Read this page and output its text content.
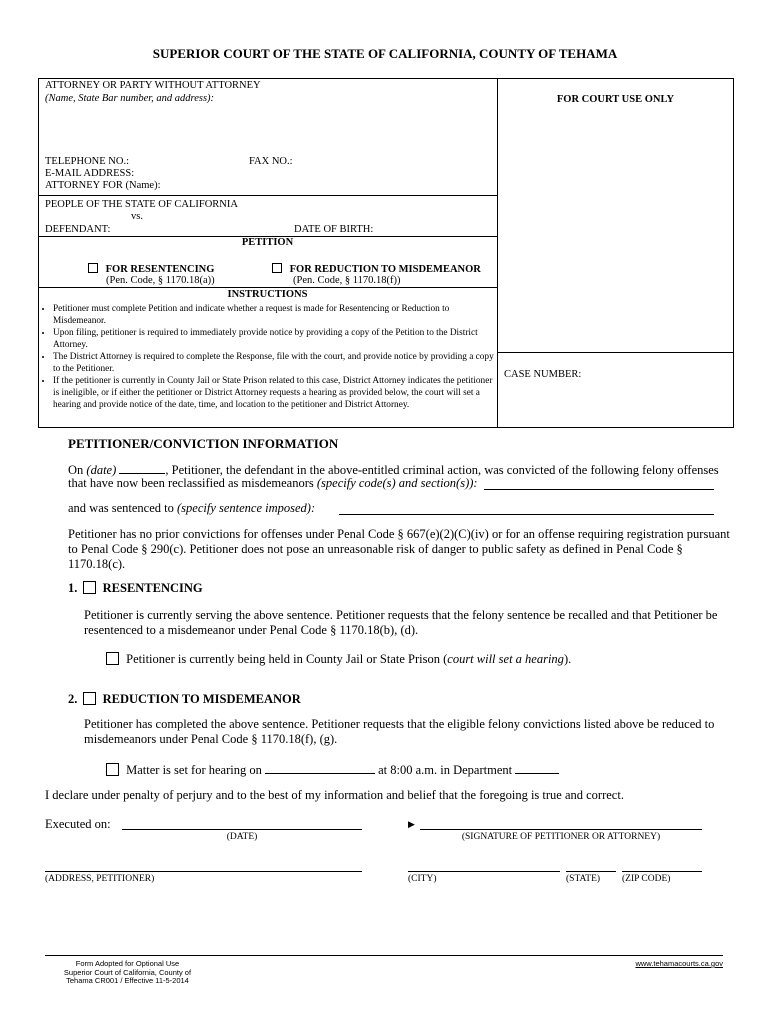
SUPERIOR COURT OF THE STATE OF CALIFORNIA, COUNTY OF TEHAMA
ATTORNEY OR PARTY WITHOUT ATTORNEY
(Name, State Bar number, and address):	FOR COURT USE ONLY
TELEPHONE NO.:	FAX NO.:
E-MAIL ADDRESS:
ATTORNEY FOR (Name):
PEOPLE OF THE STATE OF CALIFORNIA
vs.
DEFENDANT:	DATE OF BIRTH:
PETITION
FOR RESENTENCING
(Pen. Code, § 1170.18(a))
FOR REDUCTION TO MISDEMEANOR
(Pen. Code, § 1170.18(f))
INSTRUCTIONS
• Petitioner must complete Petition and indicate whether a request is made for Resentencing or Reduction to Misdemeanor.
• Upon filing, petitioner is required to immediately provide notice by providing a copy of the Petition to the District Attorney.
• The District Attorney is required to complete the Response, file with the court, and provide notice by providing a copy to the Petitioner.
• If the petitioner is currently in County Jail or State Prison related to this case, District Attorney indicates the petitioner is ineligible, or if either the petitioner or District Attorney requests a hearing as provided below, the court will set a hearing and provide notice of the date, time, and location to the petitioner and District Attorney.
CASE NUMBER:
PETITIONER/CONVICTION INFORMATION
On (date)	, Petitioner, the defendant in the above-entitled criminal action, was convicted of the following felony offenses
that have now been reclassified as misdemeanors (specify code(s) and section(s)):
and was sentenced to (specify sentence imposed):
Petitioner has no prior convictions for offenses under Penal Code § 667(e)(2)(C)(iv) or for an offense requiring registration pursuant to Penal Code § 290(c). Petitioner does not pose an unreasonable risk of danger to public safety as defined in Penal Code § 1170.18(c).
1. RESENTENCING
Petitioner is currently serving the above sentence. Petitioner requests that the felony sentence be recalled and that Petitioner be resentenced to a misdemeanor under Penal Code § 1170.18(b), (d).
Petitioner is currently being held in County Jail or State Prison (court will set a hearing).
2. REDUCTION TO MISDEMEANOR
Petitioner has completed the above sentence. Petitioner requests that the eligible felony convictions listed above be reduced to misdemeanors under Penal Code § 1170.18(f), (g).
Matter is set for hearing on	at 8:00 a.m. in Department
I declare under penalty of perjury and to the best of my information and belief that the foregoing is true and correct.
Executed on:
(DATE)
▶
(SIGNATURE OF PETITIONER OR ATTORNEY)
(ADDRESS, PETITIONER)	(CITY)	(STATE) (ZIP CODE)
Form Adopted for Optional Use
Superior Court of California, County of
Tehama CR001 / Effective 11-5-2014
www.tehamacourts.ca.gov
